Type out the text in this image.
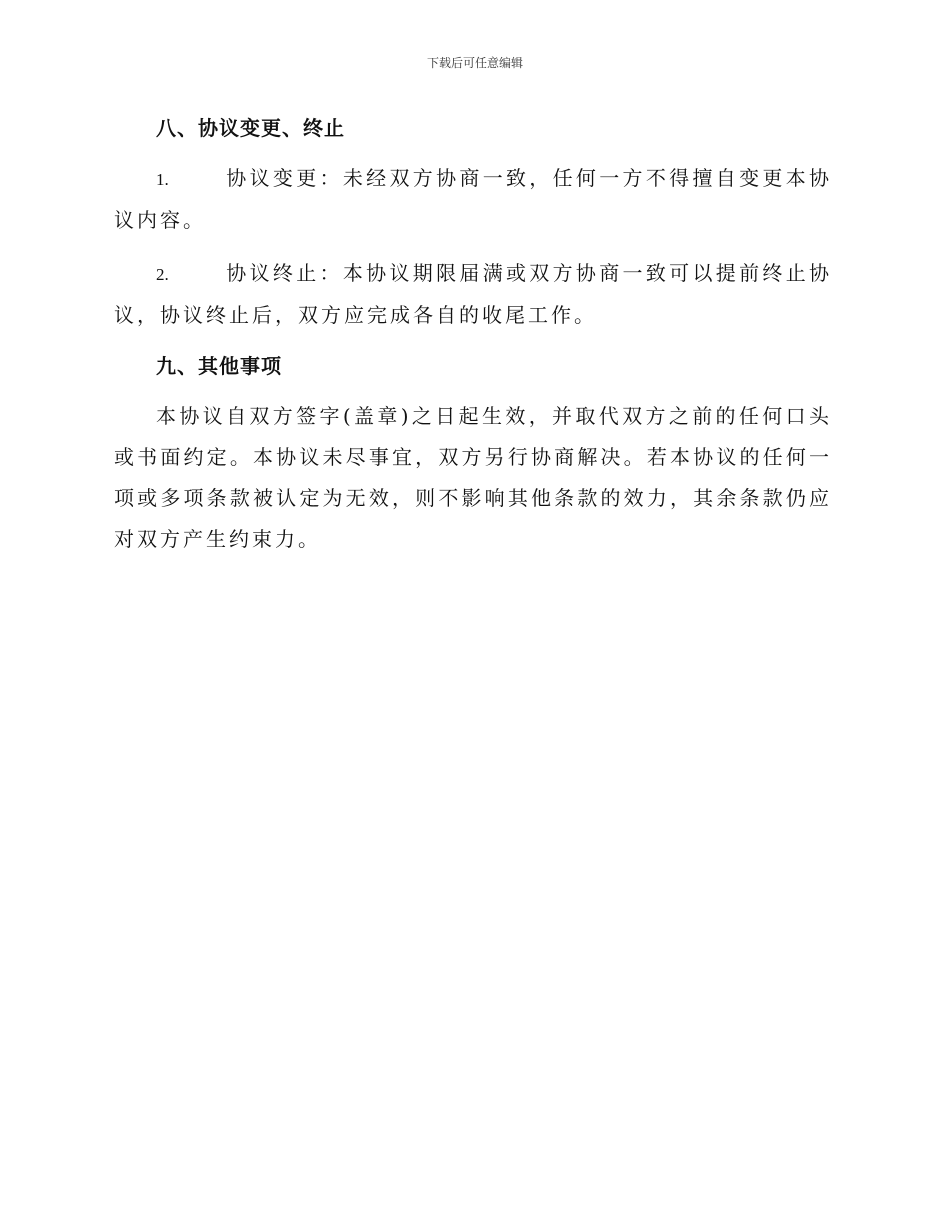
下载后可任意编辑
八、协议变更、终止

1.	协议变更：未经双方协商一致，任何一方不得擅自变更本协议内容。

2.	协议终止：本协议期限届满或双方协商一致可以提前终止协议，协议终止后，双方应完成各自的收尾工作。

九、其他事项

本协议自双方签字(盖章)之日起生效，并取代双方之前的任何口头或书面约定。本协议未尽事宜，双方另行协商解决。若本协议的任何一项或多项条款被认定为无效，则不影响其他条款的效力，其余条款仍应对双方产生约束力。
